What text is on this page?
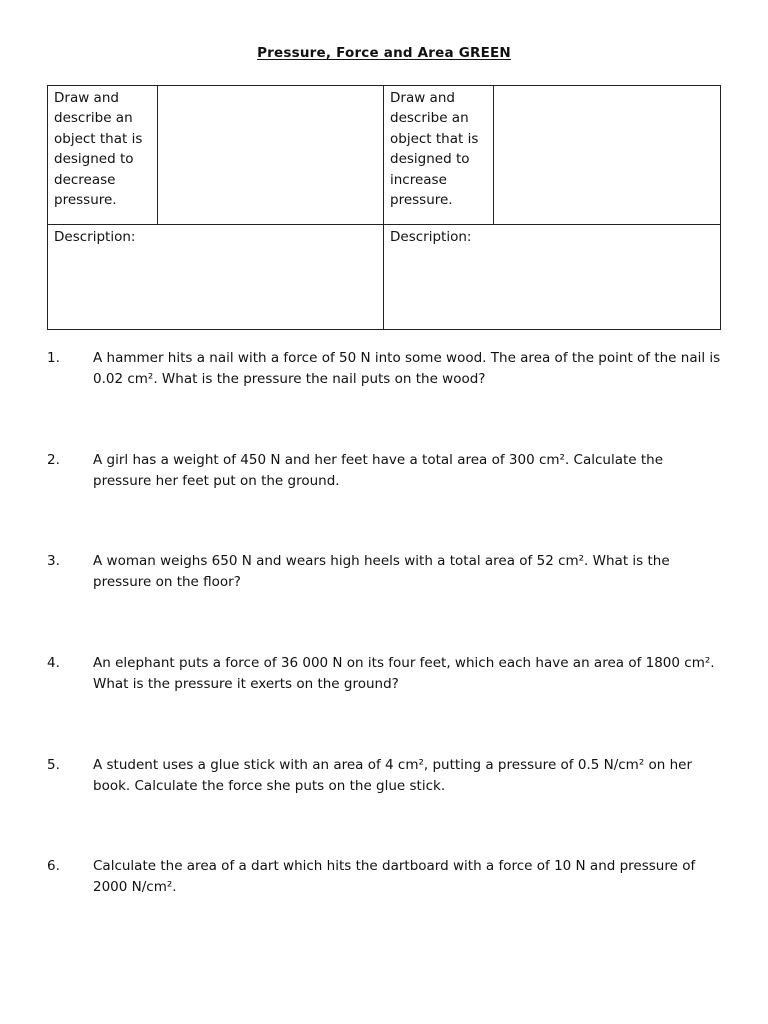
Pressure, Force and Area GREEN
Draw and describe an object that is designed to decrease pressure.		Draw and describe an object that is designed to increase pressure.	
Description:		Description:	
1. A hammer hits a nail with a force of 50 N into some wood. The area of the point of the nail is 0.02 cm². What is the pressure the nail puts on the wood?
2. A girl has a weight of 450 N and her feet have a total area of 300 cm². Calculate the pressure her feet put on the ground.
3. A woman weighs 650 N and wears high heels with a total area of 52 cm². What is the pressure on the floor?
4. An elephant puts a force of 36 000 N on its four feet, which each have an area of 1800 cm². What is the pressure it exerts on the ground?
5. A student uses a glue stick with an area of 4 cm², putting a pressure of 0.5 N/cm² on her book. Calculate the force she puts on the glue stick.
6. Calculate the area of a dart which hits the dartboard with a force of 10 N and pressure of 2000 N/cm².
